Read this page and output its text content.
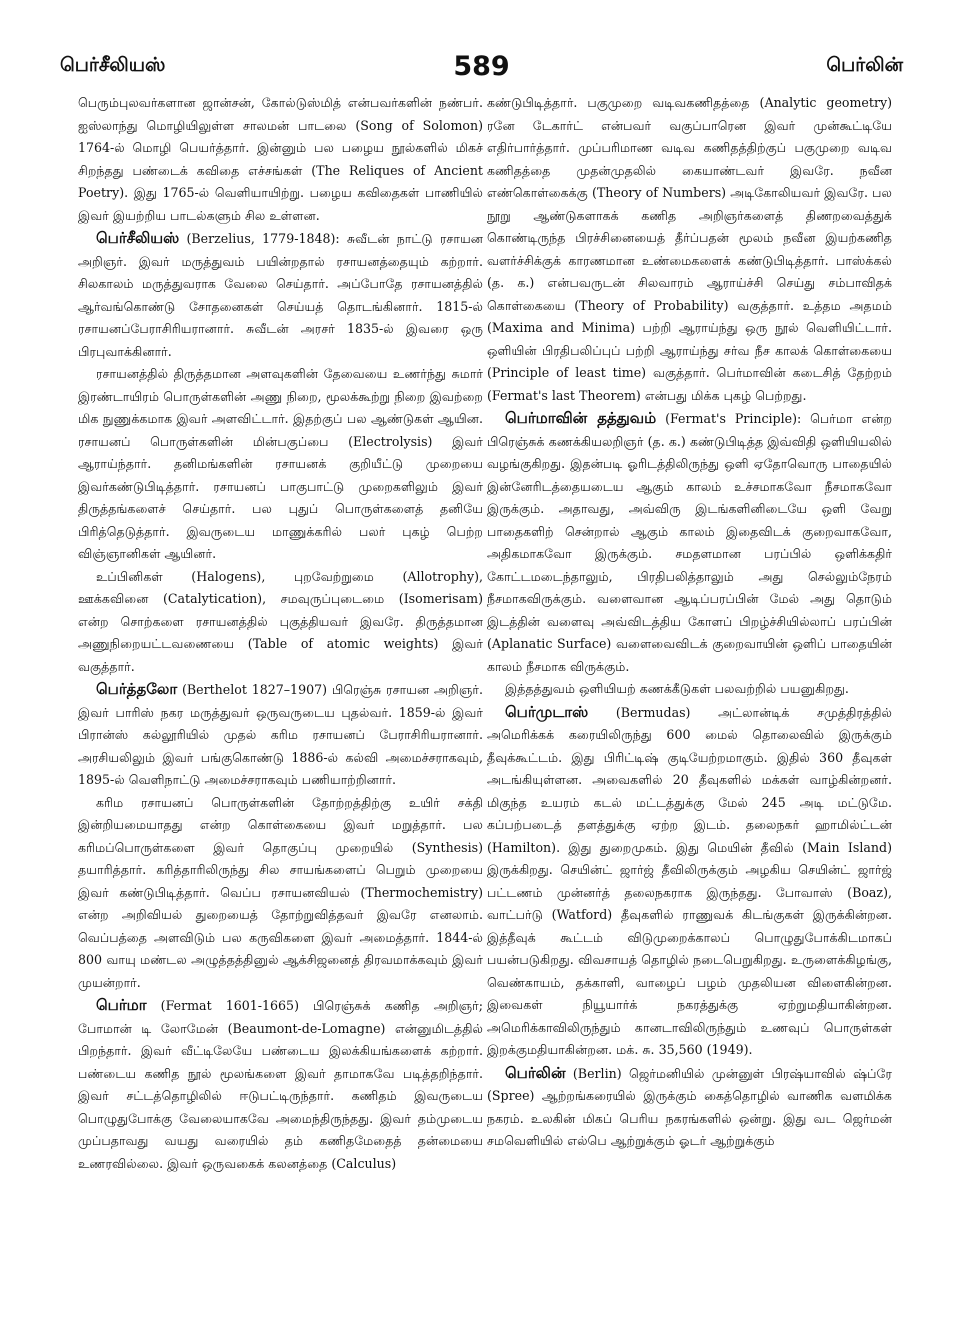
பெர்சீலியஸ்	589	பெர்லின்

பெரும்புலவர்களான ஜான்சன், கோல்டுஸ்மித் என்பவர்களின் நண்பர். ஐஸ்லாந்து மொழியிலுள்ள சாலமன் பாடலை (Song of Solomon) 1764-ல் மொழி பெயர்த்தார். இன்னும் பல பழைய நூல்களில் மிகச் சிறந்தது பண்டைக் கவிதை எச்சங்கள் (The Reliques of Ancient Poetry). இது 1765-ல் வெளியாயிற்று. பழைய கவிதைகள் பாணியில் இவர் இயற்றிய பாடல்களும் சில உள்ளன.

பெர்சீலியஸ் (Berzelius, 1779-1848): சுவீடன் நாட்டு ரசாயன அறிஞர். இவர் மருத்துவம் பயின்றதால் ரசாயனத்தையும் கற்றார். சிலகாலம் மருத்துவராக வேலை செய்தார். அப்போதே ரசாயனத்தில் ஆர்வங்கொண்டு சோதனைகள் செய்யத் தொடங்கினார். 1815-ல் ரசாயனப்பேராசிரியரானார். சுவீடன் அரசர் 1835-ல் இவரை ஒரு பிரபுவாக்கினார்.

ரசாயனத்தில் திருத்தமான அளவுகளின் தேவையை உணர்ந்து சுமார் இரண்டாயிரம் பொருள்களின் அணு நிறை, மூலக்கூற்று நிறை இவற்றை மிக நுணுக்கமாக இவர் அளவிட்டார். இதற்குப் பல ஆண்டுகள் ஆயின. ரசாயனப் பொருள்களின் மின்பகுப்பை (Electrolysis) இவர் ஆராய்ந்தார். தனிமங்களின் ரசாயனக் குறியீட்டு முறையை இவர்கண்டுபிடித்தார். ரசாயனப் பாகுபாட்டு முறைகளிலும் இவர் திருத்தங்களைச் செய்தார். பல புதுப் பொருள்களைத் தனியே பிரித்தெடுத்தார். இவருடைய மாணுக்கரில் பலர் புகழ் பெற்ற விஞ்ஞானிகள் ஆயினர்.

உப்பினிகள் (Halogens), புறவேற்றுமை (Allotrophy), ஊக்கவினை (Catalytication), சமவுருப்புடைமை (Isomerisam) என்ற சொற்களை ரசாயனத்தில் புகுத்தியவர் இவரே. திருத்தமான அணுநிறையட்டவணையை (Table of atomic weights) இவர் வகுத்தார்.

பெர்த்தலோ (Berthelot 1827–1907) பிரெஞ்சு ரசாயன அறிஞர். இவர் பாரிஸ் நகர மருத்துவர் ஒருவருடைய புதல்வர். 1859-ல் இவர் பிரான்ஸ் கல்லூரியில் முதல் கரிம ரசாயனப் பேராசிரியரானார். அரசியலிலும் இவர் பங்குகொண்டு 1886-ல் கல்வி அமைச்சராகவும், 1895-ல் வெளிநாட்டு அமைச்சராகவும் பணியாற்றினார்.

கரிம ரசாயனப் பொருள்களின் தோற்றத்திற்கு உயிர் சக்தி இன்றியமையாதது என்ற கொள்கையை இவர் மறுத்தார். பல கரிமப்பொருள்களை இவர் தொகுப்பு முறையில் (Synthesis) தயாரித்தார். கரித்தாரிலிருந்து சில சாயங்களைப் பெறும் முறையை இவர் கண்டுபிடித்தார். வெப்ப ரசாயனவியல் (Thermochemistry) என்ற அறிவியல் துறையைத் தோற்றுவித்தவர் இவரே எனலாம். வெப்பத்தை அளவிடும் பல கருவிகளை இவர் அமைத்தார். 1844-ல் 800 வாயு மண்டல அழுத்தத்தினுல் ஆக்சிஜனைத் திரவமாக்கவும் இவர் முயன்றார்.

பெர்மா (Fermat 1601-1665) பிரெஞ்சுக் கணித அறிஞர்; போமான் டி லோமேன் (Beaumont-de-Lomagne) என்னுமிடத்தில் பிறந்தார். இவர் வீட்டிலேயே பண்டைய இலக்கியங்களைக் கற்றார். பண்டைய கணித நூல் மூலங்களை இவர் தாமாகவே படித்தறிந்தார். இவர் சட்டத்தொழிலில் ஈடுபட்டிருந்தார். கணிதம் இவருடைய பொழுதுபோக்கு வேலையாகவே அமைந்திருந்தது. இவர் தம்முடைய முப்பதாவது வயது வரையில் தம் கணிதமேதைத் தன்மையை உணரவில்லை. இவர் ஒருவகைக் கலனத்தை (Calculus)

கண்டுபிடித்தார். பகுமுறை வடிவகணிதத்தை (Analytic geometry) ரனே டேகார்ட் என்பவர் வகுப்பாரென இவர் முன்கூட்டியே எதிர்பார்த்தார். முப்பரிமாண வடிவ கணிதத்திற்குப் பகுமுறை வடிவ கணிதத்தை முதன்முதலில் கையாண்டவர் இவரே. நவீன எண்கொள்கைக்கு (Theory of Numbers) அடிகோலியவர் இவரே. பல நூறு ஆண்டுகளாகக் கணித அறிஞர்களைத் திணறவைத்துக் கொண்டிருந்த பிரச்சினையைத் தீர்ப்பதன் மூலம் நவீன இயற்கணித வளர்ச்சிக்குக் காரணமான உண்மைகளைக் கண்டுபிடித்தார். பாஸ்க்கல் (த. க.) என்பவருடன் சிலவாரம் ஆராய்ச்சி செய்து சம்பாவிதக் கொள்கையை (Theory of Probability) வகுத்தார். உத்தம அதமம் (Maxima and Minima) பற்றி ஆராய்ந்து ஒரு நூல் வெளியிட்டார். ஒளியின் பிரதிபலிப்புப் பற்றி ஆராய்ந்து சர்வ நீச காலக் கொள்கையை (Principle of least time) வகுத்தார். பெர்மாவின் கடைசித் தேற்றம் (Fermat's last Theorem) என்பது மிக்க புகழ் பெற்றது.

பெர்மாவின் தத்துவம் (Fermat's Principle): பெர்மா என்ற பிரெஞ்சுக் கணக்கியலறிஞர் (த. க.) கண்டுபிடித்த இவ்விதி ஒளியியலில் வழங்குகிறது. இதன்படி ஓரிடத்திலிருந்து ஒளி ஏதோவொரு பாதையில் இன்னேரிடத்தையடைய ஆகும் காலம் உச்சமாகவோ நீசமாகவோ இருக்கும். அதாவது, அவ்விரு இடங்களினிடையே ஒளி வேறு பாதைகளிற் சென்றால் ஆகும் காலம் இதைவிடக் குறைவாகவோ, அதிகமாகவோ இருக்கும். சமதளமான பரப்பில் ஒளிக்கதிர் கோட்டமடைந்தாலும், பிரதிபலித்தாலும் அது செல்லும்நேரம் நீசமாகவிருக்கும். வளைவான ஆடிப்பரப்பின் மேல் அது தொடும் இடத்தின் வளைவு அவ்விடத்திய கோளப் பிறழ்ச்சியில்லாப் பரப்பின் (Aplanatic Surface) வளைவைவிடக் குறைவாயின் ஒளிப் பாதையின் காலம் நீசமாக விருக்கும்.

இத்தத்துவம் ஒளியியற் கணக்கீடுகள் பலவற்றில் பயனுகிறது.

பெர்முடாஸ் (Bermudas) அட்லான்டிக் சமுத்திரத்தில் அமெரிக்கக் கரையிலிருந்து 600 மைல் தொலைவில் இருக்கும் தீவுக்கூட்டம். இது பிரிட்டிஷ் குடியேற்றமாகும். இதில் 360 தீவுகள் அடங்கியுள்ளன. அவைகளில் 20 தீவுகளில் மக்கள் வாழ்கின்றனர். மிகுந்த உயரம் கடல் மட்டத்துக்கு மேல் 245 அடி மட்டுமே. கப்பற்படைத் தளத்துக்கு ஏற்ற இடம். தலைநகர் ஹாமில்ட்டன் (Hamilton). இது துறைமுகம். இது மெயின் தீவில் (Main Island) இருக்கிறது. செயின்ட் ஜார்ஜ் தீவிலிருக்கும் அழகிய செயின்ட் ஜார்ஜ் பட்டணம் முன்னர்த் தலைநகராக இருந்தது. போவாஸ் (Boaz), வாட்பர்டு (Watford) தீவுகளில் ராணுவக் கிடங்குகள் இருக்கின்றன. இத்தீவுக் கூட்டம் விடுமுறைக்காலப் பொழுதுபோக்கிடமாகப் பயன்படுகிறது. விவசாயத் தொழில் நடைபெறுகிறது. உருளைக்கிழங்கு, வெண்காயம், தக்காளி, வாழைப் பழம் முதலியன விளைகின்றன. இவைகள் நியூயார்க் நகரத்துக்கு ஏற்றுமதியாகின்றன. அமெரிக்காவிலிருந்தும் கானடாவிலிருந்தும் உணவுப் பொருள்கள் இறக்குமதியாகின்றன. மக். சு. 35,560 (1949).

பெர்லின் (Berlin) ஜெர்மனியில் முன்னுள் பிரஷ்யாவில் ஷ்ப்ரே (Spree) ஆற்றங்கரையில் இருக்கும் கைத்தொழில் வாணிக வளமிக்க நகரம். உலகின் மிகப் பெரிய நகரங்களில் ஒன்று. இது வட ஜெர்மன் சமவெளியில் எல்பெ ஆற்றுக்கும் ஓடர் ஆற்றுக்கும்
